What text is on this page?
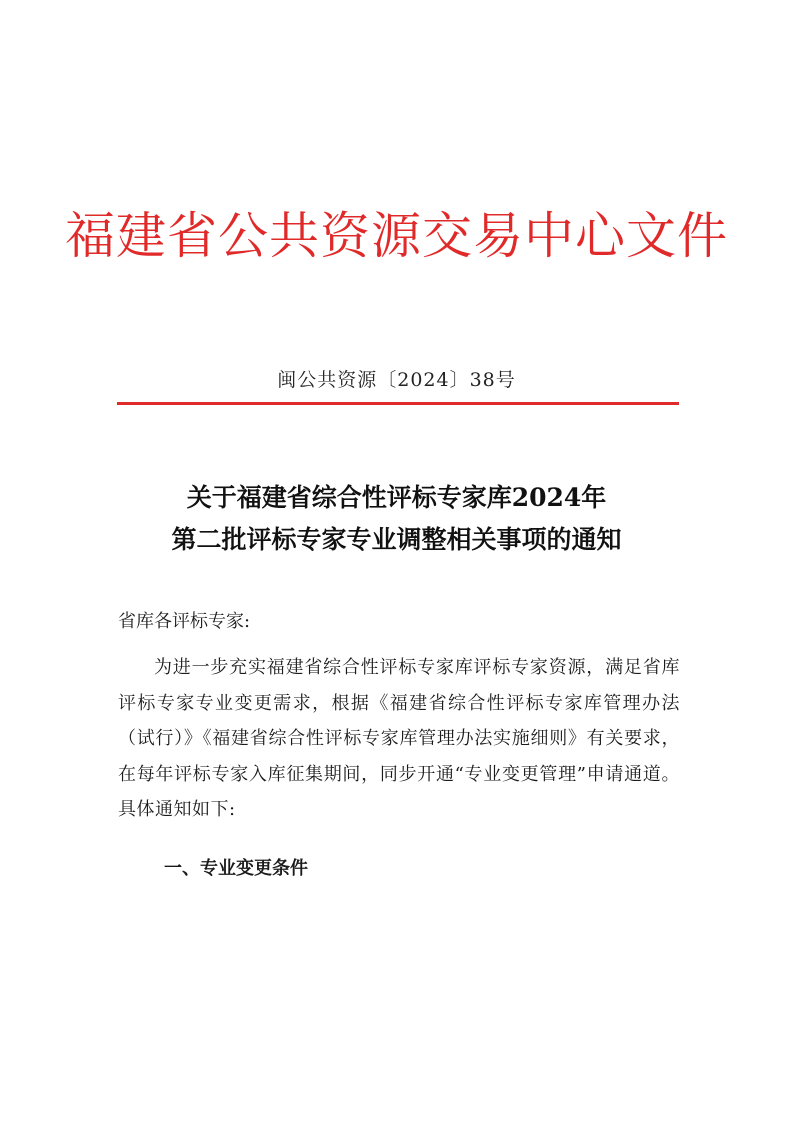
福建省公共资源交易中心文件
闽公共资源〔2024〕38号
关于福建省综合性评标专家库2024年
第二批评标专家专业调整相关事项的通知
省库各评标专家:
为进一步充实福建省综合性评标专家库评标专家资源，满足省库评标专家专业变更需求，根据《福建省综合性评标专家库管理办法（试行）》《福建省综合性评标专家库管理办法实施细则》有关要求，在每年评标专家入库征集期间，同步开通“专业变更管理”申请通道。具体通知如下:
一、专业变更条件
